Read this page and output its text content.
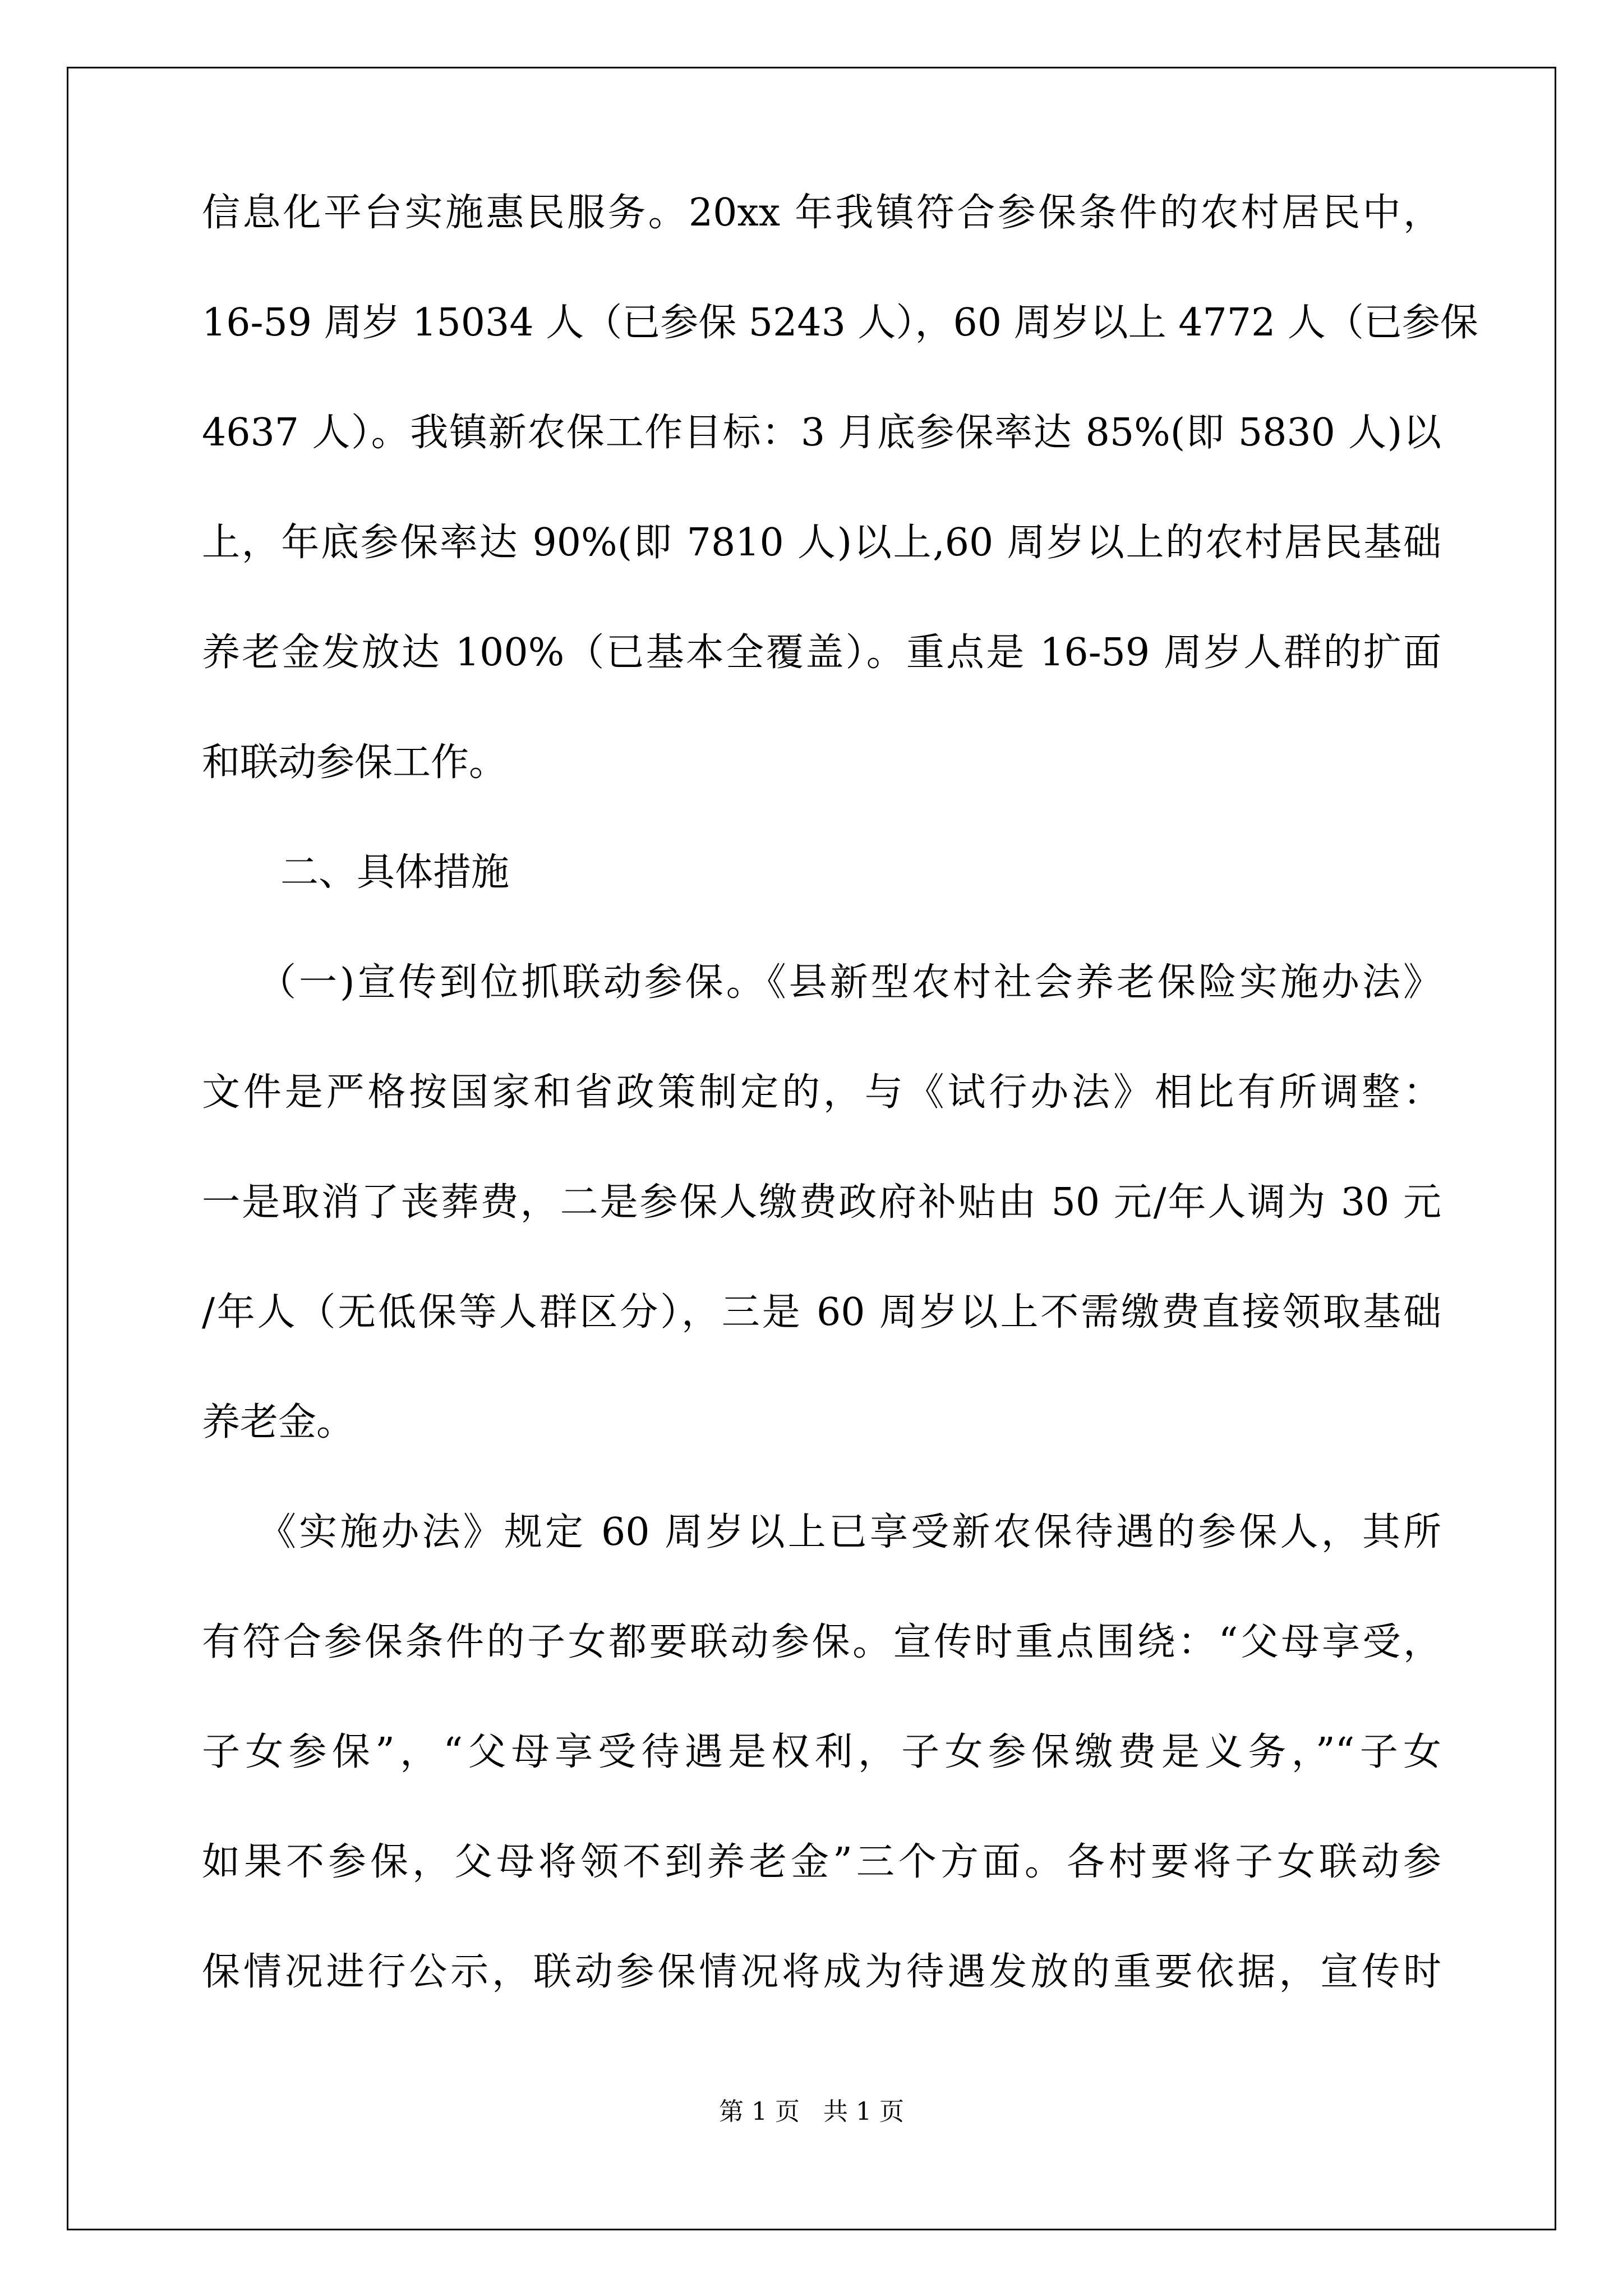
信息化平台实施惠民服务。20xx 年我镇符合参保条件的农村居民中，
16-59 周岁 15034 人（已参保 5243 人），60 周岁以上 4772 人（已参保
4637 人）。我镇新农保工作目标：3 月底参保率达 85%(即 5830 人)以
上，年底参保率达 90%(即 7810 人)以上,60 周岁以上的农村居民基础
养老金发放达 100%（已基本全覆盖）。重点是 16-59 周岁人群的扩面
和联动参保工作。
二、具体措施
（一)宣传到位抓联动参保。《县新型农村社会养老保险实施办法》
文件是严格按国家和省政策制定的，与《试行办法》相比有所调整：
一是取消了丧葬费，二是参保人缴费政府补贴由 50 元/年人调为 30 元
/年人（无低保等人群区分），三是 60 周岁以上不需缴费直接领取基础
养老金。
《实施办法》规定 60 周岁以上已享受新农保待遇的参保人，其所
有符合参保条件的子女都要联动参保。宣传时重点围绕：“父母享受，
子女参保”，“父母享受待遇是权利，子女参保缴费是义务，”“子女
如果不参保，父母将领不到养老金”三个方面。各村要将子女联动参
保情况进行公示，联动参保情况将成为待遇发放的重要依据，宣传时
第 1 页   共 1 页
